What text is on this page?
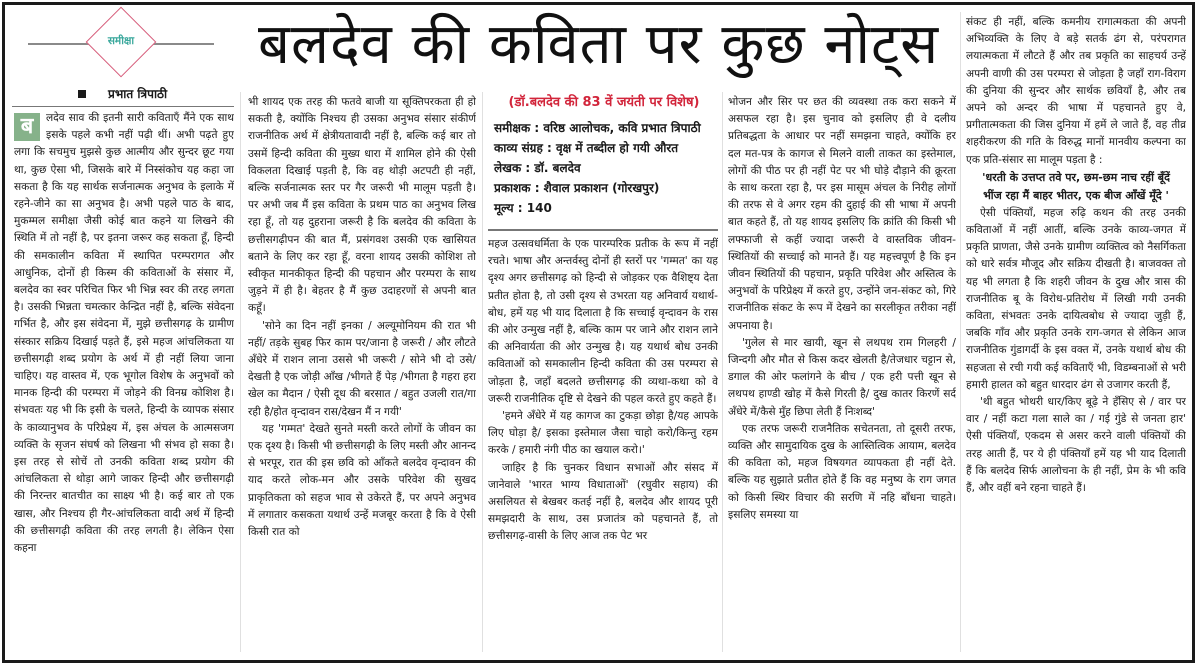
समीक्षा
प्रभात त्रिपाठी
बलदेव की कविता पर कुछ नोट्स

ब	लदेव साव की इतनी सारी कविताएँ मैंने एक साथ इसके पहले कभी नहीं पढ़ी थीं। अभी पढ़ते हुए लगा कि सचमुच मुझसे कुछ आत्मीय और सुन्दर छूट गया था, कुछ ऐसा भी, जिसके बारे में निस्संकोच यह कहा जा सकता है कि यह सार्थक सर्जनात्मक अनुभव के इलाके में रहने-जीने का सा अनुभव है। अभी पहले पाठ के बाद, मुकम्मल समीक्षा जैसी कोई बात कहने या लिखने की स्थिति में तो नहीं है, पर इतना जरूर कह सकता हूँ, हिन्दी की समकालीन कविता में स्थापित परम्परागत और आधुनिक, दोनों ही किस्म की कविताओं के संसार में, बलदेव का स्वर परिचित फिर भी भिन्न स्वर की तरह लगता है। उसकी भिन्नता चमत्कार केन्द्रित नहीं है, बल्कि संवेदना गर्भित है, और इस संवेदना में, मुझे छत्तीसगढ़ के ग्रामीण संस्कार सक्रिय दिखाई पड़ते हैं, इसे महज आंचलिकता या छत्तीसगढ़ी शब्द प्रयोग के अर्थ में ही नहीं लिया जाना चाहिए। यह वास्तव में, एक भूगोल विशेष के अनुभवों को मानक हिन्दी की परम्परा में जोड़ने की विनम्र कोशिश है। संभवतः यह भी कि इसी के चलते, हिन्दी के व्यापक संसार के काव्यानुभव के परिप्रेक्ष्य में, इस अंचल के आत्मसजग व्यक्ति के सृजन संघर्ष को लिखना भी संभव हो सका है। इस तरह से सोचें तो उनकी कविता शब्द प्रयोग की आंचलिकता से थोड़ा आगे जाकर हिन्दी और छत्तीसगढ़ी की निरन्तर बातचीत का साक्ष्य भी है। कई बार तो एक खास, और निश्चय ही गैर-आंचलिकता वादी अर्थ में हिन्दी की छत्तीसगढ़ी कविता की तरह लगती है। लेकिन ऐसा कहना

भी शायद एक तरह की फतवे बाजी या सूक्तिपरकता ही हो सकती है, क्योंकि निश्चय ही उसका अनुभव संसार संकीर्ण राजनीतिक अर्थ में क्षेत्रीयतावादी नहीं है, बल्कि कई बार तो उसमें हिन्दी कविता की मुख्य धारा में शामिल होने की ऐसी विकलता दिखाई पड़ती है, कि वह थोड़ी अटपटी ही नहीं, बल्कि सर्जनात्मक स्तर पर गैर जरूरी भी मालूम पड़ती है। पर अभी जब मैं इस कविता के प्रथम पाठ का अनुभव लिख रहा हूँ, तो यह दुहराना जरूरी है कि बलदेव की कविता के छत्तीसगढ़ीपन की बात मैं, प्रसंगवश उसकी एक खासियत बताने के लिए कर रहा हूँ, वरना शायद उसकी कोशिश तो स्वीकृत मानकीकृत हिन्दी की पहचान और परम्परा के साथ जुड़ने में ही है। बेहतर है मैं कुछ उदाहरणों से अपनी बात कहूँ।

'सोने का दिन नहीं इनका / अल्यूमोनियम की रात भी नहीं/ तड़के सुबह फिर काम पर/जाना है जरूरी / और लौटते अँधेरे में राशन लाना उससे भी जरूरी / सोने भी दो उसे/देखती है एक जोड़ी आँख /भीगते हैं पेड़ /भीगता है गहरा हरा खेल का मैदान / ऐसी दूध की बरसात / बहुत उजली रात/गा रही है/होत वृन्दावन रास/देखन मैं न गयी'

यह 'गम्मत' देखते सुनते मस्ती करते लोगों के जीवन का एक दृश्य है। किसी भी छत्तीसगढ़ी के लिए मस्ती और आनन्द से भरपूर, रात की इस छवि को आँकते बलदेव वृन्दावन की याद करते लोक-मन और उसके परिवेश की सुखद प्राकृतिकता को सहज भाव से उकेरते हैं, पर अपने अनुभव में लगातार कसकता यथार्थ उन्हें मजबूर करता है कि वे ऐसी किसी रात को

(डॉ.बलदेव की 83 वें जयंती पर विशेष)
समीक्षक : वरिष्ठ आलोचक, कवि प्रभात त्रिपाठी
काव्य संग्रह : वृक्ष में तब्दील हो गयी औरत
लेखक : डॉ. बलदेव
प्रकाशक : शैवाल प्रकाशन (गोरखपुर)
मूल्य : 140

महज उत्सवधर्मिता के एक पारम्परिक प्रतीक के रूप में नहीं रचते। भाषा और अन्तर्वस्तु दोनों ही स्तरों पर 'गम्मत' का यह दृश्य अगर छत्तीसगढ़ को हिन्दी से जोड़कर एक वैशिष्ट्य देता प्रतीत होता है, तो उसी दृश्य से उभरता यह अनिवार्य यथार्थ- बोध, हमें यह भी याद दिलाता है कि सच्चाई वृन्दावन के रास की ओर उन्मुख नहीं है, बल्कि काम पर जाने और राशन लाने की अनिवार्यता की ओर उन्मुख है। यह यथार्थ बोध उनकी कविताओं को समकालीन हिन्दी कविता की उस परम्परा से जोड़ता है, जहाँ बदलते छत्तीसगढ़ की व्यथा-कथा को वे जरूरी राजनीतिक दृष्टि से देखने की पहल करते हुए कहते हैं।

'हमने अँधेरे में यह कागज का टुकड़ा छोड़ा है/यह आपके लिए घोड़ा है/ इसका इस्तेमाल जैसा चाहो करो/किन्तु रहम करके / हमारी नंगी पीठ का खयाल करो।'

जाहिर है कि चुनकर विधान सभाओं और संसद में जानेवाले 'भारत भाग्य विधाताओं' (रघुवीर सहाय) की असलियत से बेखबर कतई नहीं है, बलदेव और शायद पूरी समझदारी के साथ, उस प्रजातंत्र को पहचानते हैं, तो छत्तीसगढ़-वासी के लिए आज तक पेट भर

भोजन और सिर पर छत की व्यवस्था तक करा सकने में असफल रहा है। इस चुनाव को इसलिए ही वे दलीय प्रतिबद्धता के आधार पर नहीं समझना चाहते, क्योंकि हर दल मत-पत्र के कागज से मिलने वाली ताकत का इस्तेमाल, लोगों की पीठ पर ही नहीं पेट पर भी घोड़े दौड़ाने की क्रूरता के साथ करता रहा है, पर इस मासूम अंचल के निरीह लोगों की तरफ से वे अगर रहम की दुहाई की सी भाषा में अपनी बात कहते हैं, तो यह शायद इसलिए कि क्रांति की किसी भी लफ्फाजी से कहीं ज्यादा जरूरी वे वास्तविक जीवन- स्थितियों की सच्चाई को मानते हैं। यह महत्त्वपूर्ण है कि इन जीवन स्थितियों की पहचान, प्रकृति परिवेश और अस्तित्व के अनुभवों के परिप्रेक्ष्य में करते हुए, उन्होंने जन-संकट को, गिरे राजनीतिक संकट के रूप में देखने का सरलीकृत तरीका नहीं अपनाया है।

'गुलेल से मार खायी, खून से लथपथ राम गिलहरी / जिन्दगी और मौत से किस कदर खेलती है/तेजधार चट्टान से, डगाल की ओर फलांगने के बीच / एक हरी पत्ती खून से लथपथ हाण्डी खोह में कैसे गिरती है/ दुख कातर किरणें सर्द अँधेरे में/कैसे मुँह छिपा लेती हैं निःशब्द'

एक तरफ जरूरी राजनैतिक सचेतनता, तो दूसरी तरफ, व्यक्ति और सामुदायिक दुख के आस्तित्विक आयाम, बलदेव की कविता को, महज विषयगत व्यापकता ही नहीं देते. बल्कि यह सुझाते प्रतीत होते हैं कि वह मनुष्य के राग जगत को किसी स्थिर विचार की सरणि में नहि बाँधना चाहते। इसलिए समस्या या

संकट ही नहीं, बल्कि कमनीय रागात्मकता की अपनी अभिव्यक्ति के लिए वे बड़े सतर्क ढंग से, परंपरागत लयात्मकता में लौटते हैं और तब प्रकृति का साहचर्य उन्हें अपनी वाणी की उस परम्परा से जोड़ता है जहाँ राग-विराग की दुनिया की सुन्दर और सार्थक छवियाँ है, और तब अपने को अन्दर की भाषा में पहचानते हुए वे, प्रगीतात्मकता की जिस दुनिया में हमें ले जाते हैं, वह तीव्र शहरीकरण की गति के विरुद्ध मानों मानवीय कल्पना का एक प्रति-संसार सा मालूम पड़ता है :

'धरती के उत्तप्त तवे पर, छम-छम नाच रहीं बूँदें

भींज रहा मैं बाहर भीतर, एक बीज आँखें मूँदे '

ऐसी पंक्तियाँ, महज रुढ़ि कथन की तरह उनकी कविताओं में नहीं आतीं, बल्कि उनके काव्य-जगत में प्रकृति प्राणता, जैसे उनके ग्रामीण व्यक्तित्व को नैसर्गिकता को धारे सर्वत्र मौजूद और सक्रिय दीखती है। बाजवक्त तो यह भी लगता है कि शहरी जीवन के दुख और त्रास की राजनीतिक बू के विरोध-प्रतिरोध में लिखी गयी उनकी कविता, संभवतः उनके दायित्वबोध से ज्यादा जुड़ी हैं, जबकि गाँव और प्रकृति उनके राग-जगत से लेकिन आज राजनीतिक गुंडागर्दी के इस वक्त में, उनके यथार्थ बोध की सहजता से रची गयी कई कविताएँ भी, विडम्बनाओं से भरी हमारी हालत को बहुत धारदार ढंग से उजागर करती हैं,

'थी बहुत भोथरी धार/किए बूढ़े ने हँसिए से / वार पर वार / नहीं कटा गला साले का / गई गुंडे से जनता हार' ऐसी पंक्तियाँ, एकदम से असर करने वाली पंक्तियों की तरह आती हैं, पर ये ही पंक्तियाँ हमें यह भी याद दिलाती हैं कि बलदेव सिर्फ आलोचना के ही नहीं, प्रेम के भी कवि हैं, और वहीं बने रहना चाहते हैं।
